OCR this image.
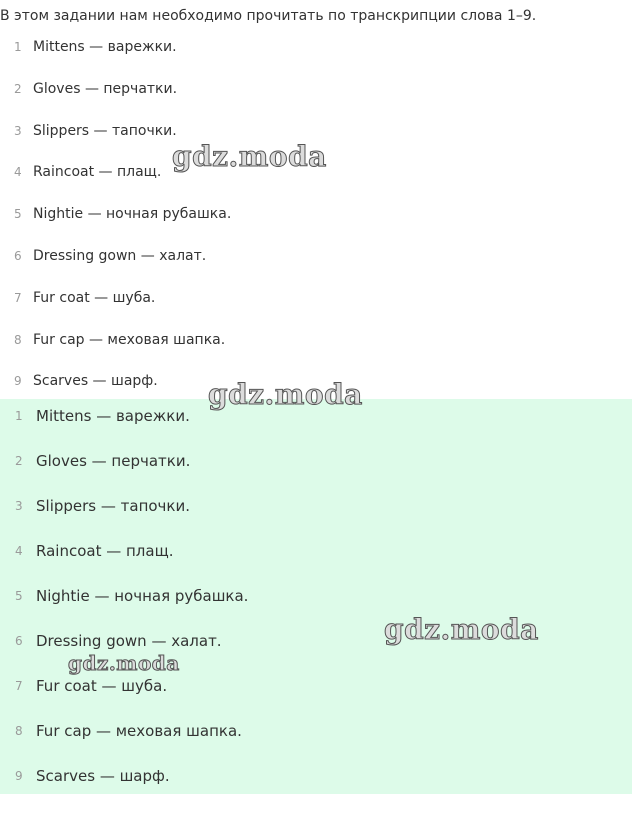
В этом задании нам необходимо прочитать по транскрипции слова 1–9.
1 Mittens — варежки.
2 Gloves — перчатки.
3 Slippers — тапочки.
4 Raincoat — плащ.
5 Nightie — ночная рубашка.
6 Dressing gown — халат.
7 Fur coat — шуба.
8 Fur cap — меховая шапка.
9 Scarves — шарф.
1 Mittens — варежки.
2 Gloves — перчатки.
3 Slippers — тапочки.
4 Raincoat — плащ.
5 Nightie — ночная рубашка.
6 Dressing gown — халат.
7 Fur coat — шуба.
8 Fur cap — меховая шапка.
9 Scarves — шарф.
gdz.moda
gdz.moda
gdz.moda
gdz.moda
